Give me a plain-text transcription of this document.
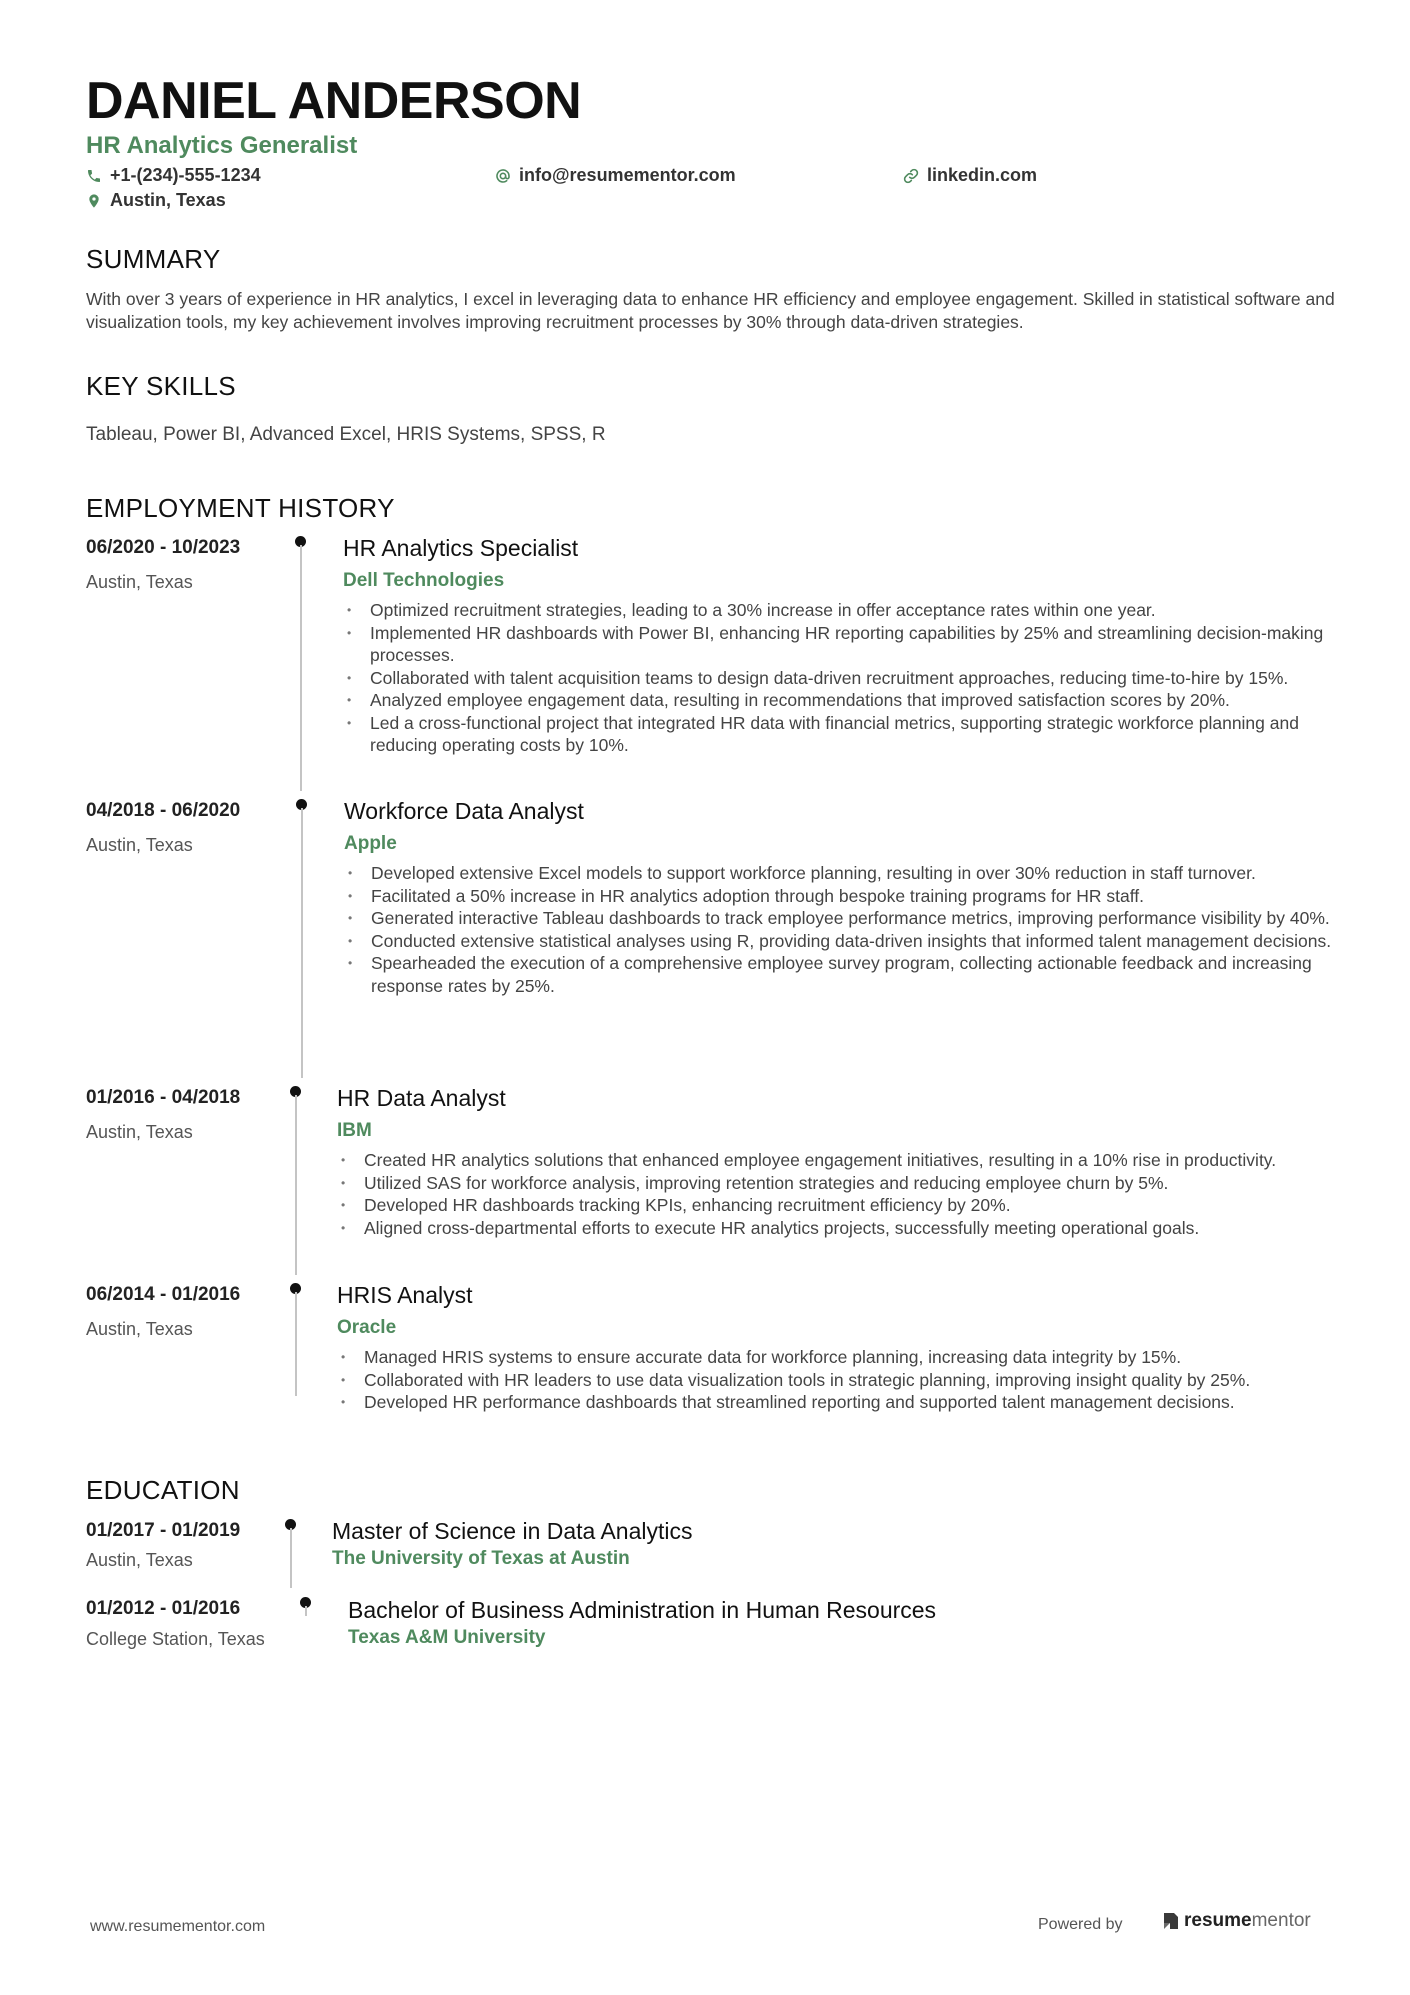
DANIEL ANDERSON
HR Analytics Generalist
+1-(234)-555-1234	info@resumementor.com	linkedin.com
Austin, Texas
SUMMARY

With over 3 years of experience in HR analytics, I excel in leveraging data to enhance HR efficiency and employee engagement. Skilled in statistical software and visualization tools, my key achievement involves improving recruitment processes by 30% through data-driven strategies.

KEY SKILLS
Tableau, Power BI, Advanced Excel, HRIS Systems, SPSS, R
EMPLOYMENT HISTORY
06/2020 - 10/2023
Austin, Texas
HR Analytics Specialist
Dell Technologies
• Optimized recruitment strategies, leading to a 30% increase in offer acceptance rates within one year.
• Implemented HR dashboards with Power BI, enhancing HR reporting capabilities by 25% and streamlining decision-making processes.
• Collaborated with talent acquisition teams to design data-driven recruitment approaches, reducing time-to-hire by 15%.
• Analyzed employee engagement data, resulting in recommendations that improved satisfaction scores by 20%.
• Led a cross-functional project that integrated HR data with financial metrics, supporting strategic workforce planning and reducing operating costs by 10%.
04/2018 - 06/2020
Austin, Texas
Workforce Data Analyst
Apple
• Developed extensive Excel models to support workforce planning, resulting in over 30% reduction in staff turnover.
• Facilitated a 50% increase in HR analytics adoption through bespoke training programs for HR staff.
• Generated interactive Tableau dashboards to track employee performance metrics, improving performance visibility by 40%.
• Conducted extensive statistical analyses using R, providing data-driven insights that informed talent management decisions.
• Spearheaded the execution of a comprehensive employee survey program, collecting actionable feedback and increasing response rates by 25%.
01/2016 - 04/2018
Austin, Texas
HR Data Analyst
IBM
• Created HR analytics solutions that enhanced employee engagement initiatives, resulting in a 10% rise in productivity.
• Utilized SAS for workforce analysis, improving retention strategies and reducing employee churn by 5%.
• Developed HR dashboards tracking KPIs, enhancing recruitment efficiency by 20%.
• Aligned cross-departmental efforts to execute HR analytics projects, successfully meeting operational goals.
06/2014 - 01/2016
Austin, Texas
HRIS Analyst
Oracle
• Managed HRIS systems to ensure accurate data for workforce planning, increasing data integrity by 15%.
• Collaborated with HR leaders to use data visualization tools in strategic planning, improving insight quality by 25%.
• Developed HR performance dashboards that streamlined reporting and supported talent management decisions.
EDUCATION
01/2017 - 01/2019
Austin, Texas
Master of Science in Data Analytics
The University of Texas at Austin
01/2012 - 01/2016
College Station, Texas
Bachelor of Business Administration in Human Resources
Texas A&M University
www.resumementor.com	Powered by	resume mentor
